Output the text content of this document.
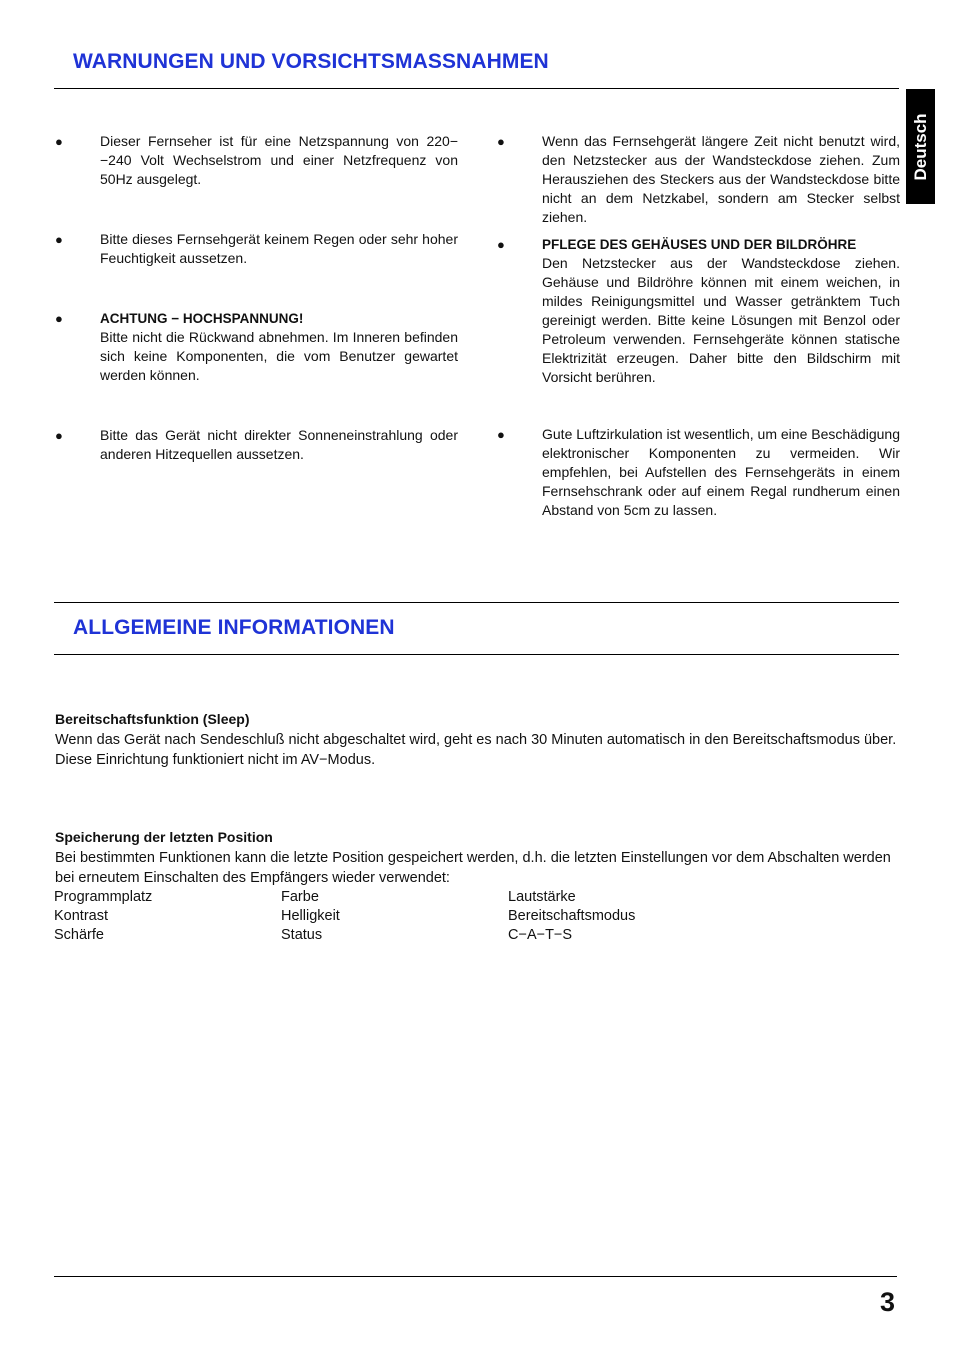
WARNUNGEN UND VORSICHTSMASSNAHMEN
Deutsch
●	Dieser Fernseher ist für eine Netzspannung von 220−−240 Volt Wechselstrom und einer Netzfrequenz von 50Hz ausgelegt.

●	Bitte dieses Fernsehgerät keinem Regen oder sehr hoher Feuchtigkeit aussetzen.

●	ACHTUNG − HOCHSPANNUNG!

Bitte nicht die Rückwand abnehmen. Im Inneren befinden sich keine Komponenten, die vom Benutzer gewartet werden können.

●	Bitte das Gerät nicht direkter Sonneneinstrahlung oder anderen Hitzequellen aussetzen.

●	Wenn das Fernsehgerät längere Zeit nicht benutzt wird, den Netzstecker aus der Wandsteckdose ziehen. Zum Herausziehen des Steckers aus der Wandsteckdose bitte nicht an dem Netzkabel, sondern am Stecker selbst ziehen.

●	PFLEGE DES GEHÄUSES UND DER BILDRÖHRE

Den Netzstecker aus der Wandsteckdose ziehen. Gehäuse und Bildröhre können mit einem weichen, in mildes Reinigungsmittel und Wasser getränktem Tuch gereinigt werden. Bitte keine Lösungen mit Benzol oder Petroleum verwenden. Fernsehgeräte können statische Elektrizität erzeugen. Daher bitte den Bildschirm mit Vorsicht berühren.

●	Gute Luftzirkulation ist wesentlich, um eine Beschädigung elektronischer Komponenten zu vermeiden. Wir empfehlen, bei Aufstellen des Fernsehgeräts in einem Fernsehschrank oder auf einem Regal rundherum einen Abstand von 5cm zu lassen.

ALLGEMEINE INFORMATIONEN

Bereitschaftsfunktion (Sleep)

Wenn das Gerät nach Sendeschluß nicht abgeschaltet wird, geht es nach 30 Minuten automatisch in den Bereitschaftsmodus über. Diese Einrichtung funktioniert nicht im AV−Modus.

Speicherung der letzten Position

Bei bestimmten Funktionen kann die letzte Position gespeichert werden, d.h. die letzten Einstellungen vor dem Abschalten werden bei erneutem Einschalten des Empfängers wieder verwendet:

Programmplatz	Farbe	Lautstärke
Kontrast	Helligkeit	Bereitschaftsmodus
Schärfe	Status	C−A−T−S
3
